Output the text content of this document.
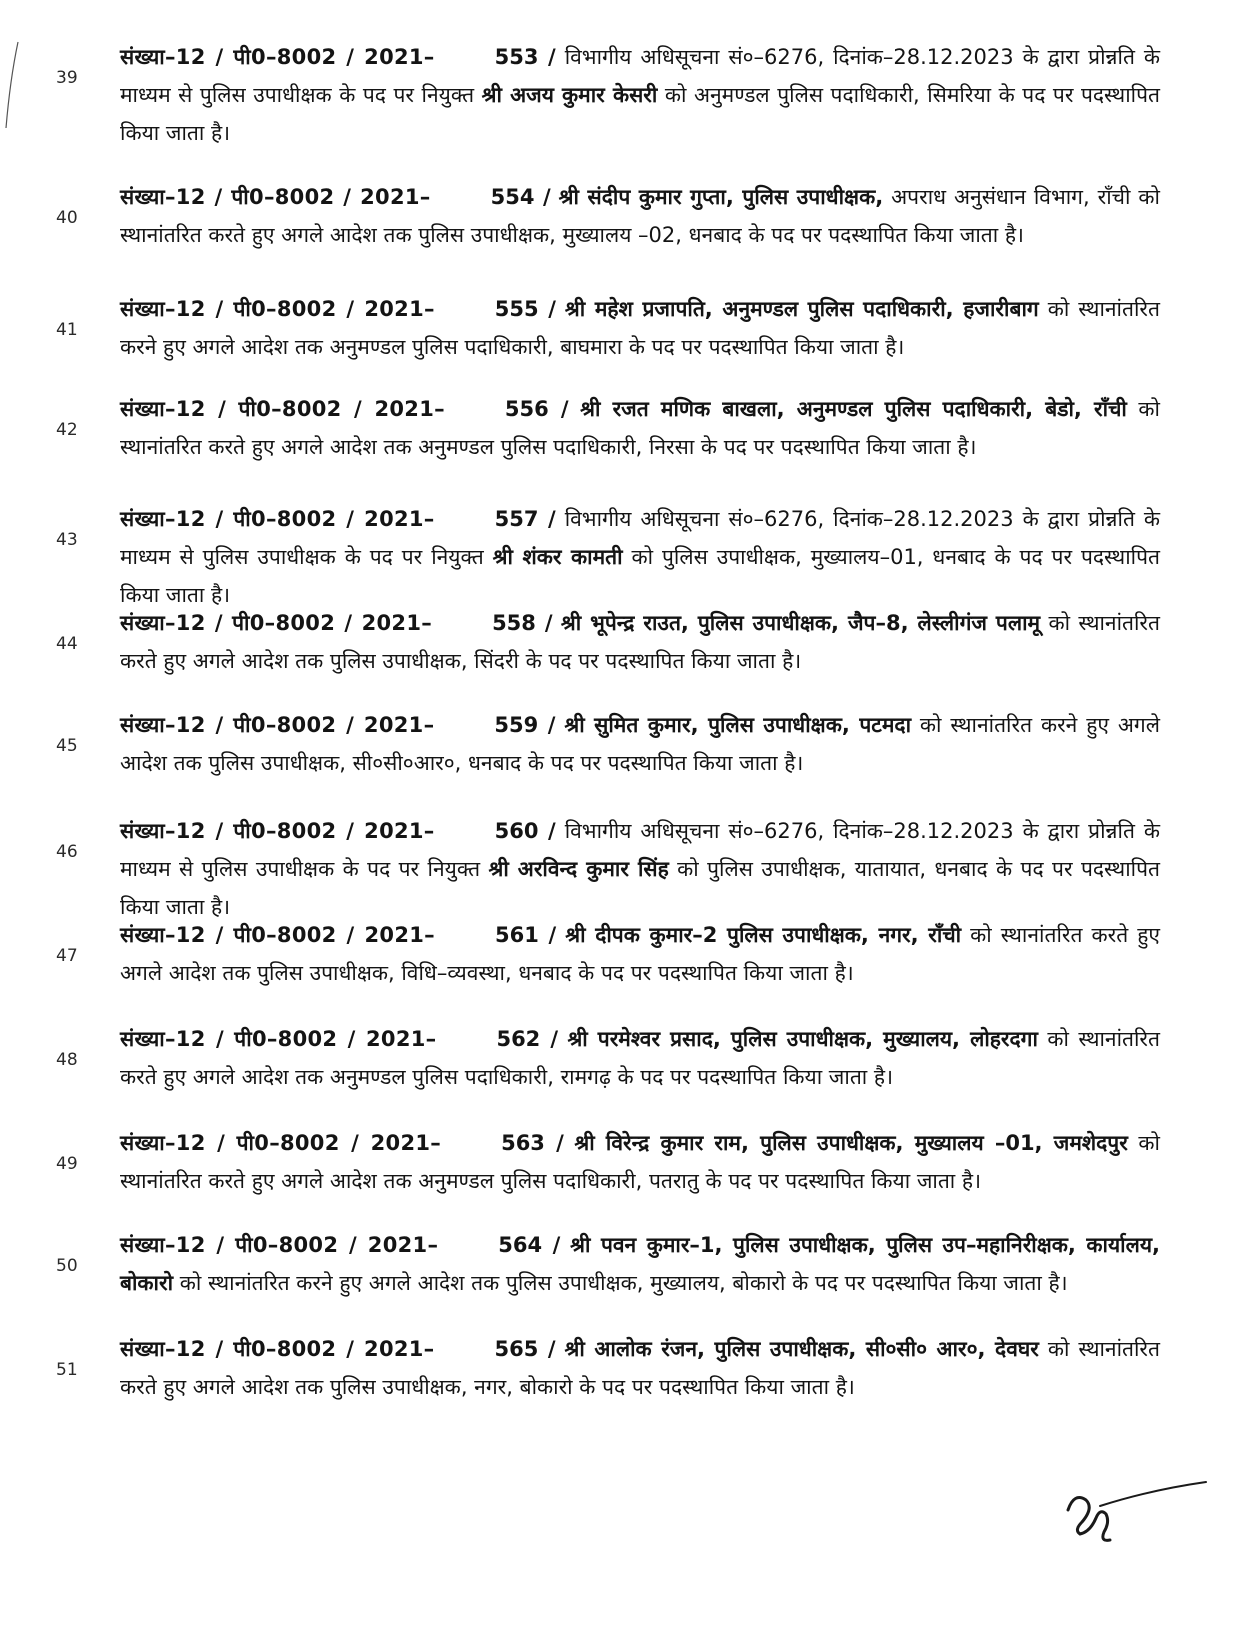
39
संख्या–12 / पी0–8002 / 2021–	553 / विभागीय अधिसूचना सं०–6276, दिनांक–28.12.2023 के द्वारा प्रोन्नति के माध्यम से पुलिस उपाधीक्षक के पद पर नियुक्त श्री अजय कुमार केसरी को अनुमण्डल पुलिस पदाधिकारी, सिमरिया के पद पर पदस्थापित किया जाता है।
40
संख्या–12 / पी0–8002 / 2021–	554 / श्री संदीप कुमार गुप्ता, पुलिस उपाधीक्षक, अपराध अनुसंधान विभाग, राँची को स्थानांतरित करते हुए अगले आदेश तक पुलिस उपाधीक्षक, मुख्यालय –02, धनबाद के पद पर पदस्थापित किया जाता है।
41
संख्या–12 / पी0–8002 / 2021–	555 / श्री महेश प्रजापति, अनुमण्डल पुलिस पदाधिकारी, हजारीबाग को स्थानांतरित करने हुए अगले आदेश तक अनुमण्डल पुलिस पदाधिकारी, बाघमारा के पद पर पदस्थापित किया जाता है।
42
संख्या–12 / पी0–8002 / 2021–	556 / श्री रजत मणिक बाखला, अनुमण्डल पुलिस पदाधिकारी, बेडो, राँची को स्थानांतरित करते हुए अगले आदेश तक अनुमण्डल पुलिस पदाधिकारी, निरसा के पद पर पदस्थापित किया जाता है।
43
संख्या–12 / पी0–8002 / 2021–	557 / विभागीय अधिसूचना सं०–6276, दिनांक–28.12.2023 के द्वारा प्रोन्नति के माध्यम से पुलिस उपाधीक्षक के पद पर नियुक्त श्री शंकर कामती को पुलिस उपाधीक्षक, मुख्यालय–01, धनबाद के पद पर पदस्थापित किया जाता है।
44
संख्या–12 / पी0–8002 / 2021–	558 / श्री भूपेन्द्र राउत, पुलिस उपाधीक्षक, जैप–8, लेस्लीगंज पलामू को स्थानांतरित करते हुए अगले आदेश तक पुलिस उपाधीक्षक, सिंदरी के पद पर पदस्थापित किया जाता है।
45
संख्या–12 / पी0–8002 / 2021–	559 / श्री सुमित कुमार, पुलिस उपाधीक्षक, पटमदा को स्थानांतरित करने हुए अगले आदेश तक पुलिस उपाधीक्षक, सी०सी०आर०, धनबाद के पद पर पदस्थापित किया जाता है।
46
संख्या–12 / पी0–8002 / 2021–	560 / विभागीय अधिसूचना सं०–6276, दिनांक–28.12.2023 के द्वारा प्रोन्नति के माध्यम से पुलिस उपाधीक्षक के पद पर नियुक्त श्री अरविन्द कुमार सिंह को पुलिस उपाधीक्षक, यातायात, धनबाद के पद पर पदस्थापित किया जाता है।
47
संख्या–12 / पी0–8002 / 2021–	561 / श्री दीपक कुमार–2 पुलिस उपाधीक्षक, नगर, राँची को स्थानांतरित करते हुए अगले आदेश तक पुलिस उपाधीक्षक, विधि–व्यवस्था, धनबाद के पद पर पदस्थापित किया जाता है।
48
संख्या–12 / पी0–8002 / 2021–	562 / श्री परमेश्वर प्रसाद, पुलिस उपाधीक्षक, मुख्यालय, लोहरदगा को स्थानांतरित करते हुए अगले आदेश तक अनुमण्डल पुलिस पदाधिकारी, रामगढ़ के पद पर पदस्थापित किया जाता है।
49
संख्या–12 / पी0–8002 / 2021–	563 / श्री विरेन्द्र कुमार राम, पुलिस उपाधीक्षक, मुख्यालय –01, जमशेदपुर को स्थानांतरित करते हुए अगले आदेश तक अनुमण्डल पुलिस पदाधिकारी, पतरातु के पद पर पदस्थापित किया जाता है।
50
संख्या–12 / पी0–8002 / 2021–	564 / श्री पवन कुमार–1, पुलिस उपाधीक्षक, पुलिस उप–महानिरीक्षक, कार्यालय, बोकारो को स्थानांतरित करने हुए अगले आदेश तक पुलिस उपाधीक्षक, मुख्यालय, बोकारो के पद पर पदस्थापित किया जाता है।
51
संख्या–12 / पी0–8002 / 2021–	565 / श्री आलोक रंजन, पुलिस उपाधीक्षक, सी०सी० आर०, देवघर को स्थानांतरित करते हुए अगले आदेश तक पुलिस उपाधीक्षक, नगर, बोकारो के पद पर पदस्थापित किया जाता है।
